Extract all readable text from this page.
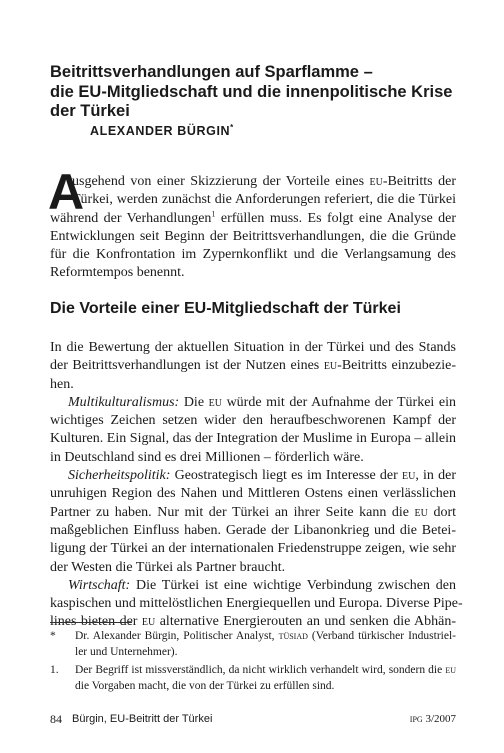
Beitrittsverhandlungen auf Sparflamme –
die EU-Mitgliedschaft und die innenpolitische Krise
der Türkei
ALEXANDER BÜRGIN*
A
usgehend von einer Skizzierung der Vorteile eines eu-Beitritts der
Türkei, werden zunächst die Anforderungen referiert, die die Türkei
während der Verhandlungen$^1$ erfüllen muss. Es folgt eine Analyse der
Entwicklungen seit Beginn der Beitrittsverhandlungen, die die Gründe
für die Konfrontation im Zypernkonflikt und die Verlangsamung des
Reformtempos benennt.
Die Vorteile einer EU-Mitgliedschaft der Türkei
In die Bewertung der aktuellen Situation in der Türkei und des Stands
der Beitrittsverhandlungen ist der Nutzen eines eu-Beitritts einzubezie-
hen.
Multikulturalismus: Die eu würde mit der Aufnahme der Türkei ein
wichtiges Zeichen setzen wider den heraufbeschworenen Kampf der
Kulturen. Ein Signal, das der Integration der Muslime in Europa – allein
in Deutschland sind es drei Millionen – förderlich wäre.
Sicherheitspolitik: Geostrategisch liegt es im Interesse der eu, in der
unruhigen Region des Nahen und Mittleren Ostens einen verlässlichen
Partner zu haben. Nur mit der Türkei an ihrer Seite kann die eu dort
maßgeblichen Einfluss haben. Gerade der Libanonkrieg und die Betei-
ligung der Türkei an der internationalen Friedenstruppe zeigen, wie sehr
der Westen die Türkei als Partner braucht.
Wirtschaft: Die Türkei ist eine wichtige Verbindung zwischen den
kaspischen und mittelöstlichen Energiequellen und Europa. Diverse Pipe-
lines bieten der eu alternative Energierouten an und senken die Abhän-
* Dr. Alexander Bürgin, Politischer Analyst, tüsiad (Verband türkischer Industriel-
ler und Unternehmer).
1. Der Begriff ist missverständlich, da nicht wirklich verhandelt wird, sondern die eu
die Vorgaben macht, die von der Türkei zu erfüllen sind.
84 Bürgin, EU-Beitritt der Türkei	ipg 3/2007
